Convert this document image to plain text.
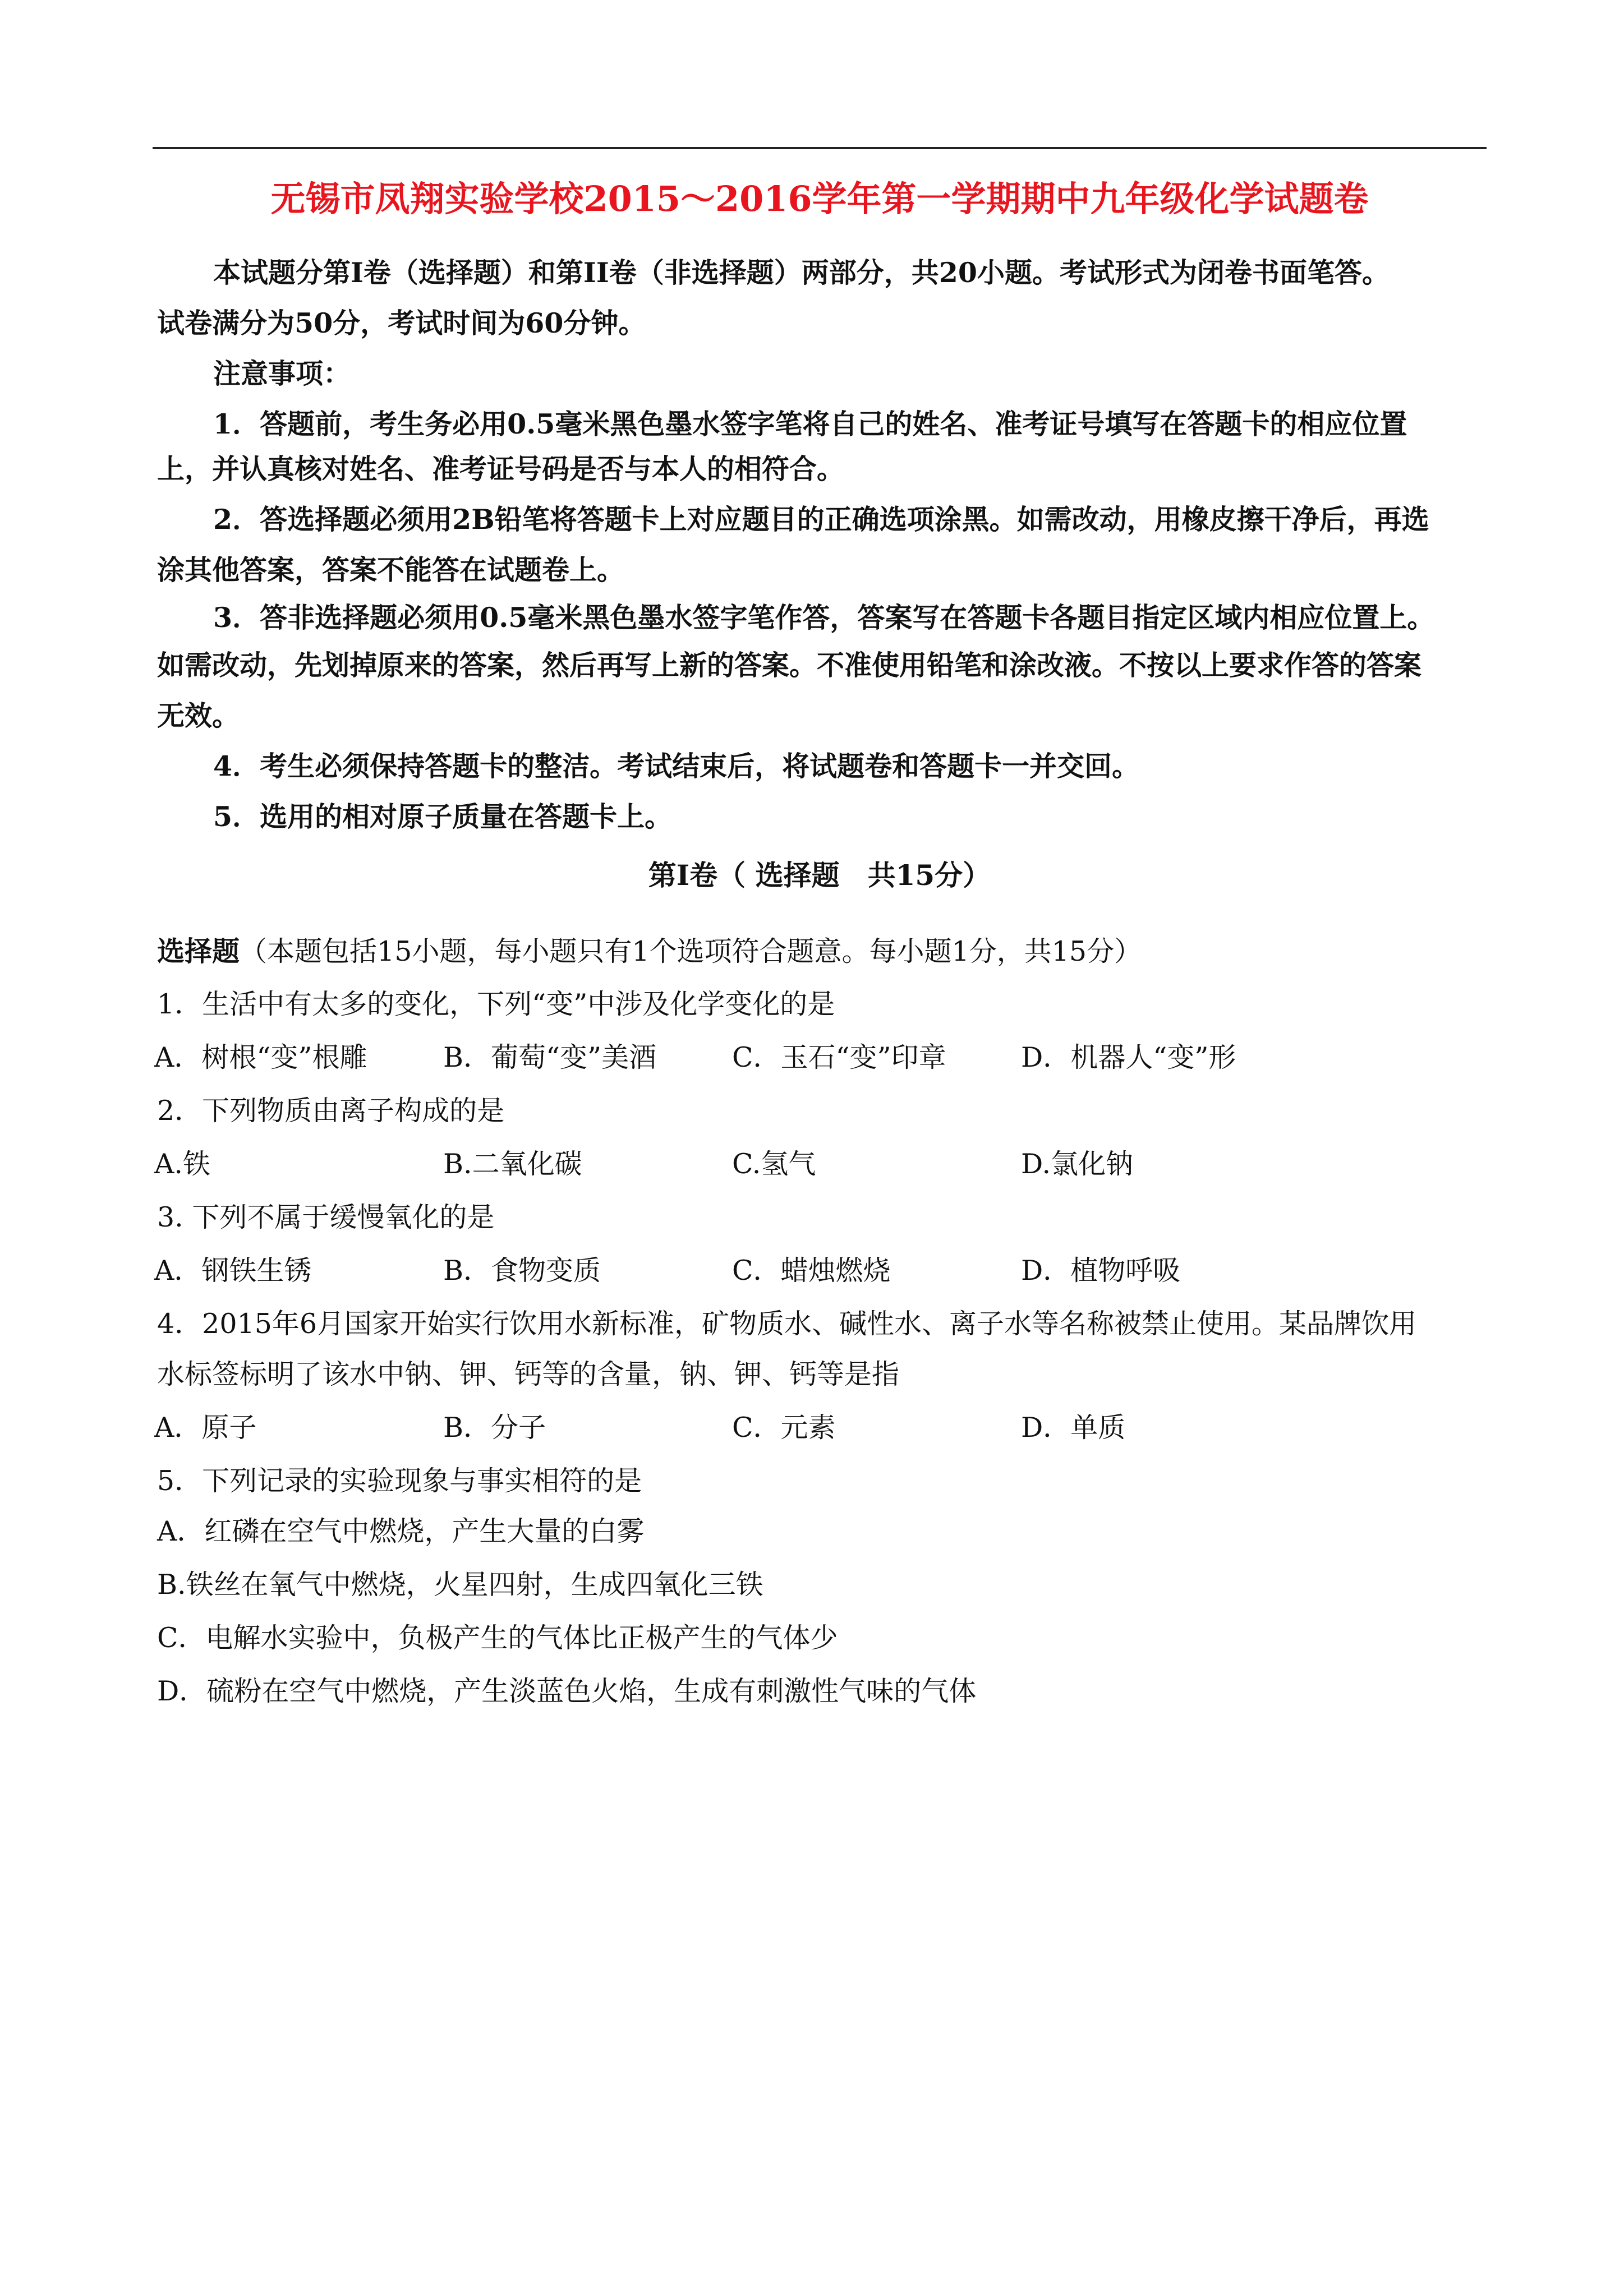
无锡市凤翔实验学校2015～2016学年第一学期期中九年级化学试题卷
本试题分第Ⅰ卷（选择题）和第II卷（非选择题）两部分，共20小题。考试形式为闭卷书面笔答。
试卷满分为50分，考试时间为60分钟。
注意事项：
1．答题前，考生务必用0.5毫米黑色墨水签字笔将自己的姓名、准考证号填写在答题卡的相应位置
上，并认真核对姓名、准考证号码是否与本人的相符合。
2．答选择题必须用2B铅笔将答题卡上对应题目的正确选项涂黑。如需改动，用橡皮擦干净后，再选
涂其他答案，答案不能答在试题卷上。
3．答非选择题必须用0.5毫米黑色墨水签字笔作答，答案写在答题卡各题目指定区域内相应位置上。
如需改动，先划掉原来的答案，然后再写上新的答案。不准使用铅笔和涂改液。不按以上要求作答的答案
无效。
4．考生必须保持答题卡的整洁。考试结束后，将试题卷和答题卡一并交回。
5．选用的相对原子质量在答题卡上。
第Ⅰ卷（ 选择题　共15分）
选择题（本题包括15小题，每小题只有1个选项符合题意。每小题1分，共15分）
1．生活中有太多的变化，下列“变”中涉及化学变化的是
A．树根“变”根雕	B．葡萄“变”美酒	C．玉石“变”印章	D．机器人“变”形
2．下列物质由离子构成的是
A.铁	B.二氧化碳	C.氢气	D.氯化钠
3. 下列不属于缓慢氧化的是
A．钢铁生锈	B．食物变质	C．蜡烛燃烧	D．植物呼吸
4．2015年6月国家开始实行饮用水新标准，矿物质水、碱性水、离子水等名称被禁止使用。某品牌饮用
水标签标明了该水中钠、钾、钙等的含量，钠、钾、钙等是指
A．原子	B．分子	C．元素	D．单质
5．下列记录的实验现象与事实相符的是
A．红磷在空气中燃烧，产生大量的白雾
B.铁丝在氧气中燃烧，火星四射，生成四氧化三铁
C．电解水实验中，负极产生的气体比正极产生的气体少
D．硫粉在空气中燃烧，产生淡蓝色火焰，生成有刺激性气味的气体
